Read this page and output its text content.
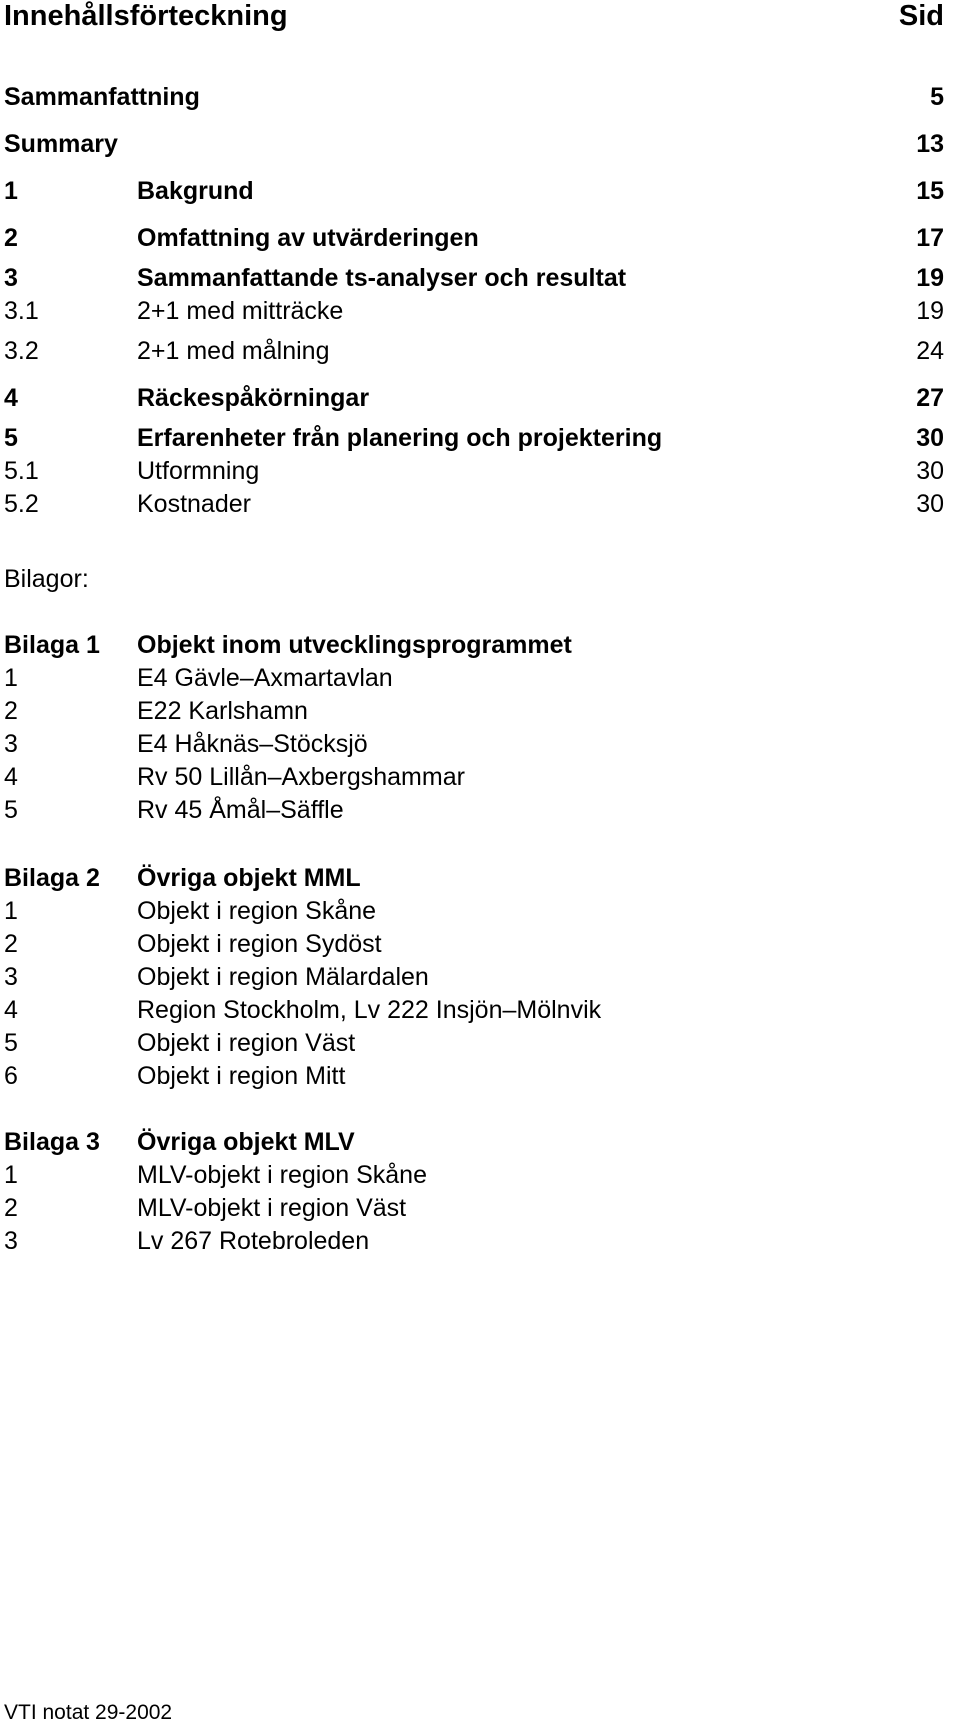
Innehållsförteckning	Sid
Sammanfattning	5
Summary	13
1	Bakgrund	15
2	Omfattning av utvärderingen	17
3	Sammanfattande ts-analyser och resultat	19
3.1	2+1 med mitträcke	19
3.2	2+1 med målning	24
4	Räckespåkörningar	27
5	Erfarenheter från planering och projektering	30
5.1	Utformning	30
5.2	Kostnader	30
Bilagor:
Bilaga 1 Objekt inom utvecklingsprogrammet
1	E4 Gävle–Axmartavlan
2	E22 Karlshamn
3	E4 Håknäs–Stöcksjö
4	Rv 50 Lillån–Axbergshammar
5	Rv 45 Åmål–Säffle
Bilaga 2 Övriga objekt MML
1	Objekt i region Skåne
2	Objekt i region Sydöst
3	Objekt i region Mälardalen
4	Region Stockholm, Lv 222 Insjön–Mölnvik
5	Objekt i region Väst
6	Objekt i region Mitt
Bilaga 3 Övriga objekt MLV
1	MLV-objekt i region Skåne
2	MLV-objekt i region Väst
3	Lv 267 Rotebroleden
VTI notat 29-2002
